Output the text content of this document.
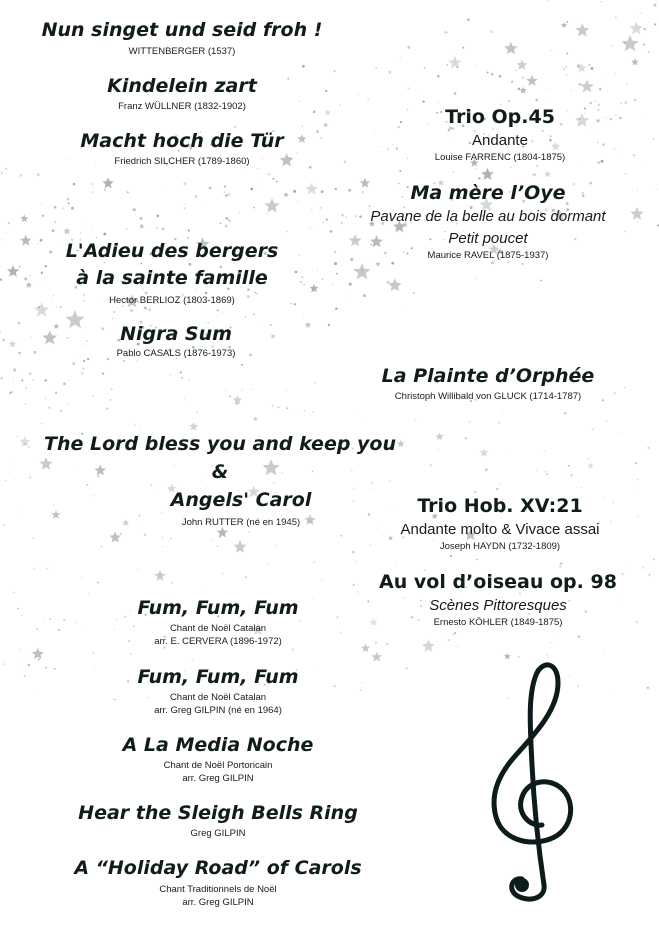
Nun singet und seid froh !
WITTENBERGER (1537)
Kindelein zart
Franz WÜLLNER (1832-1902)
Macht hoch die Tür
Friedrich SILCHER (1789-1860)
L'Adieu des bergers
à la sainte famille
Hector BERLIOZ (1803-1869)
Nigra Sum
Pablo CASALS (1876-1973)
The Lord bless you and keep you
&
Angels' Carol
John RUTTER (né en 1945)
Fum, Fum, Fum
Chant de Noël Catalan
arr. E. CERVERA (1896-1972)
Fum, Fum, Fum
Chant de Noël Catalan
arr. Greg GILPIN (né en 1964)
A La Media Noche
Chant de Noël Portoricain
arr. Greg GILPIN
Hear the Sleigh Bells Ring
Greg GILPIN
A “Holiday Road” of Carols
Chant Traditionnels de Noël
arr. Greg GILPIN
Trio Op.45
Andante
Louise FARRENC (1804-1875)
Ma mère l’Oye
Pavane de la belle au bois dormant
Petit poucet
Maurice RAVEL (1875-1937)
La Plainte d’Orphée
Christoph Willibald von GLUCK (1714-1787)
Trio Hob. XV:21
Andante molto & Vivace assai
Joseph HAYDN (1732-1809)
Au vol d’oiseau op. 98
Scènes Pittoresques
Ernesto KÖHLER (1849-1875)
